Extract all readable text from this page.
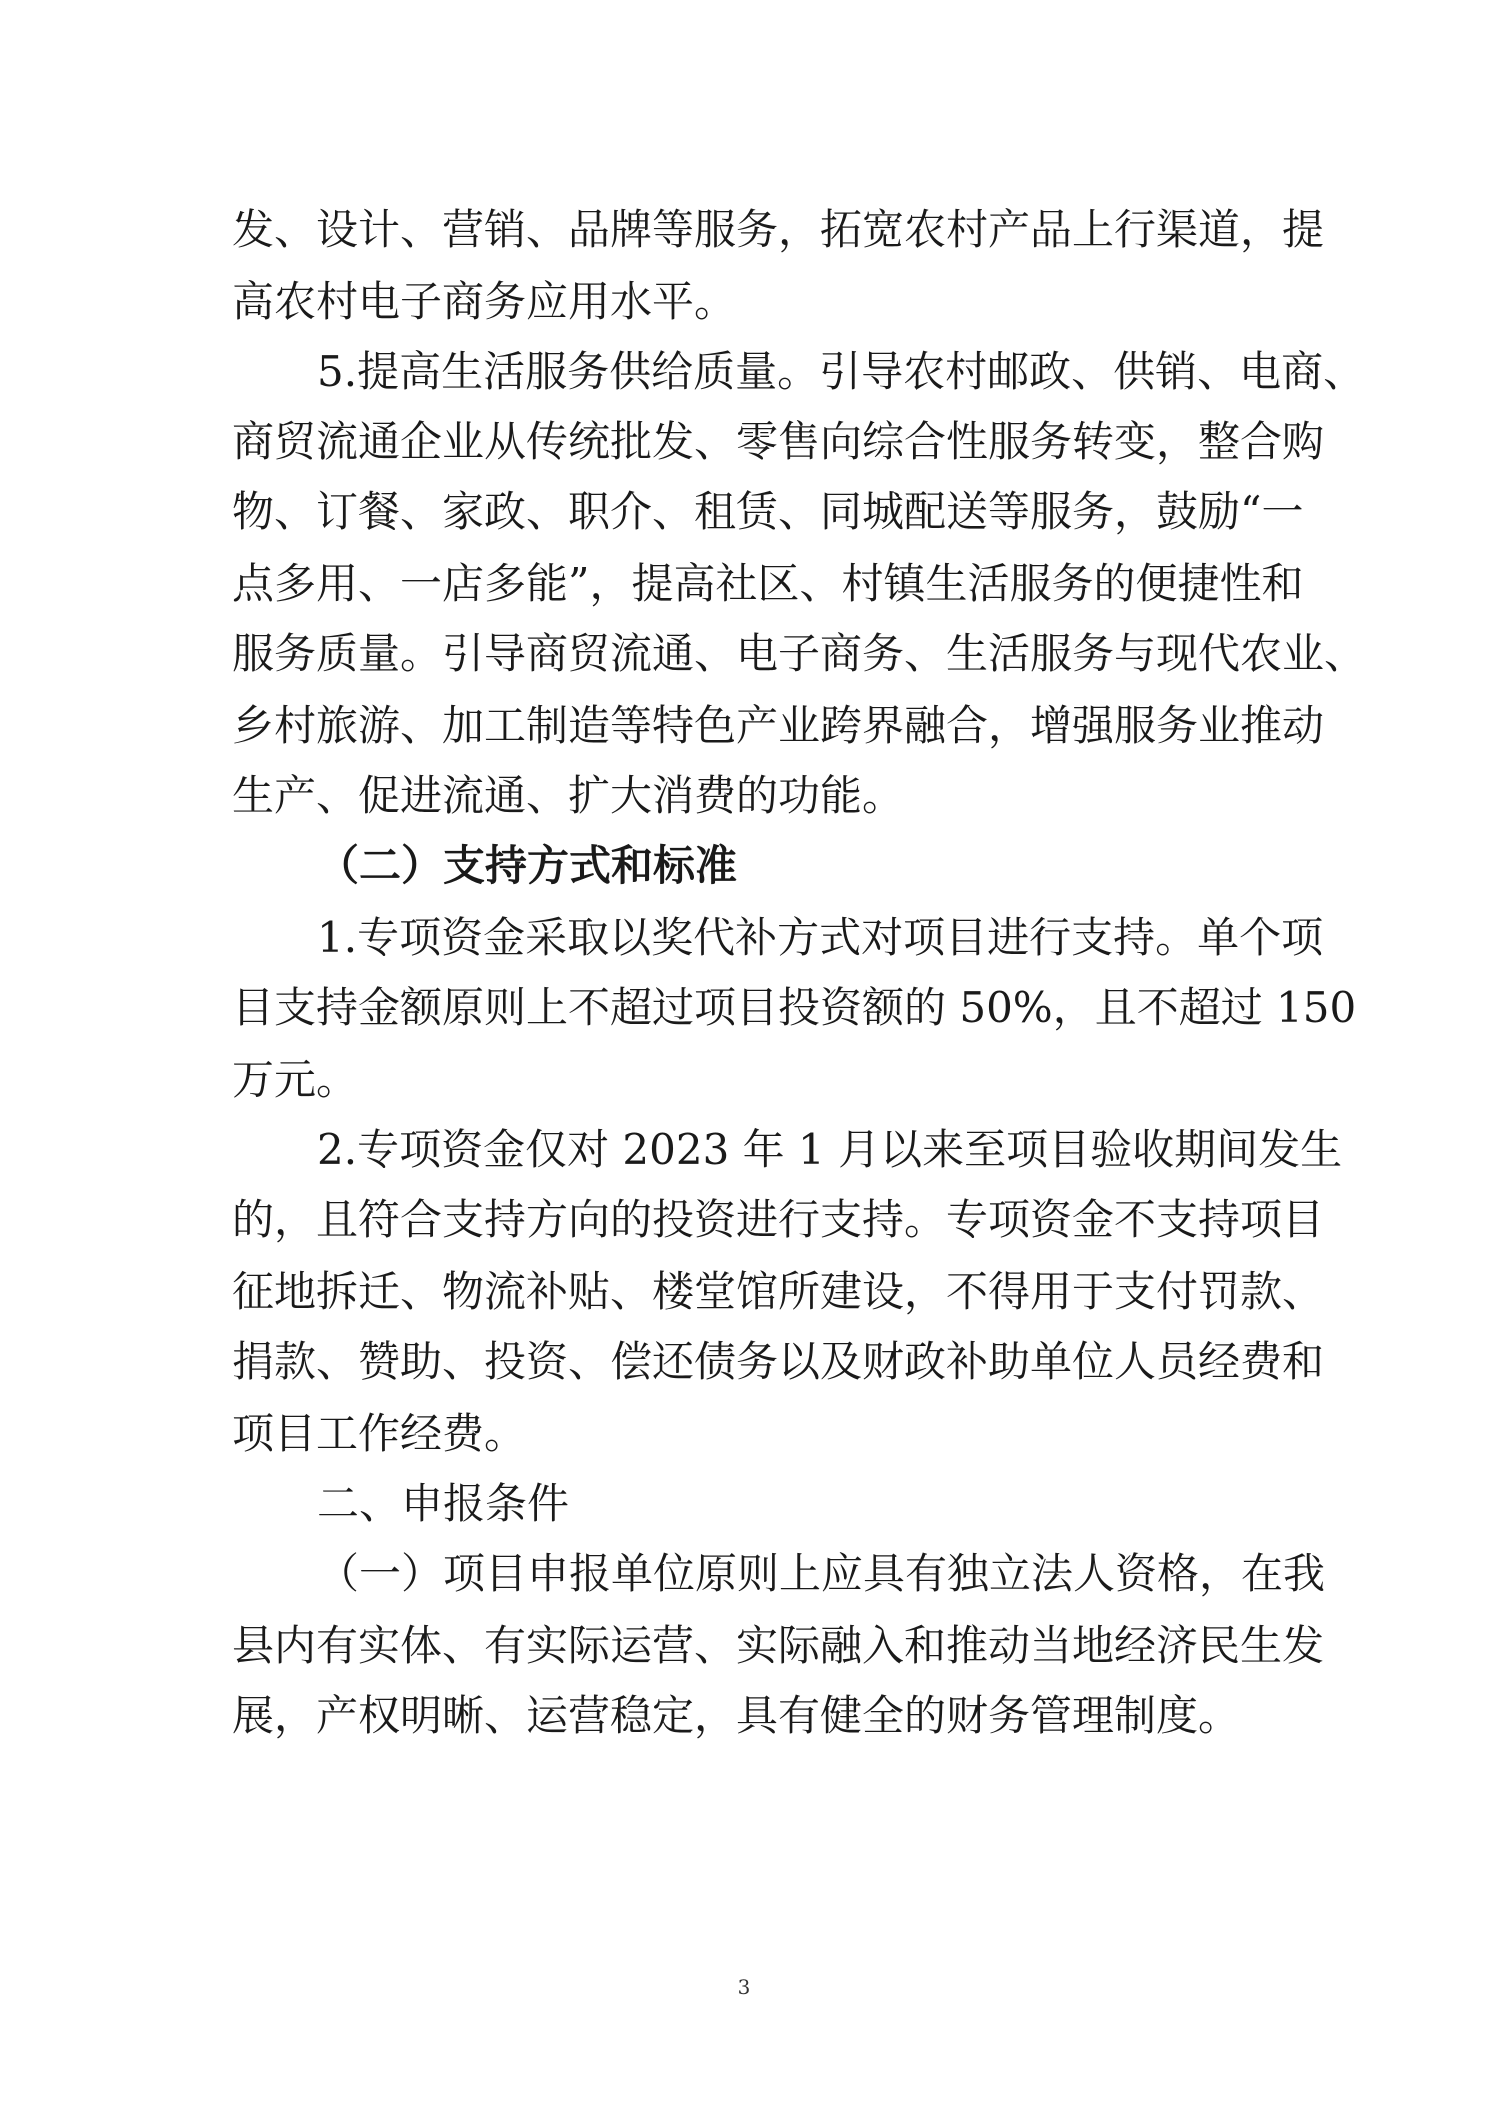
发、设计、营销、品牌等服务，拓宽农村产品上行渠道，提
高农村电子商务应用水平。
5.提高生活服务供给质量。引导农村邮政、供销、电商、
商贸流通企业从传统批发、零售向综合性服务转变，整合购
物、订餐、家政、职介、租赁、同城配送等服务，鼓励“一
点多用、一店多能”，提高社区、村镇生活服务的便捷性和
服务质量。引导商贸流通、电子商务、生活服务与现代农业、
乡村旅游、加工制造等特色产业跨界融合，增强服务业推动
生产、促进流通、扩大消费的功能。
（二）支持方式和标准
1.专项资金采取以奖代补方式对项目进行支持。单个项
目支持金额原则上不超过项目投资额的 50%，且不超过 150
万元。
2.专项资金仅对 2023 年 1 月以来至项目验收期间发生
的，且符合支持方向的投资进行支持。专项资金不支持项目
征地拆迁、物流补贴、楼堂馆所建设，不得用于支付罚款、
捐款、赞助、投资、偿还债务以及财政补助单位人员经费和
项目工作经费。
二、申报条件
（一）项目申报单位原则上应具有独立法人资格，在我
县内有实体、有实际运营、实际融入和推动当地经济民生发
展，产权明晰、运营稳定，具有健全的财务管理制度。
3
